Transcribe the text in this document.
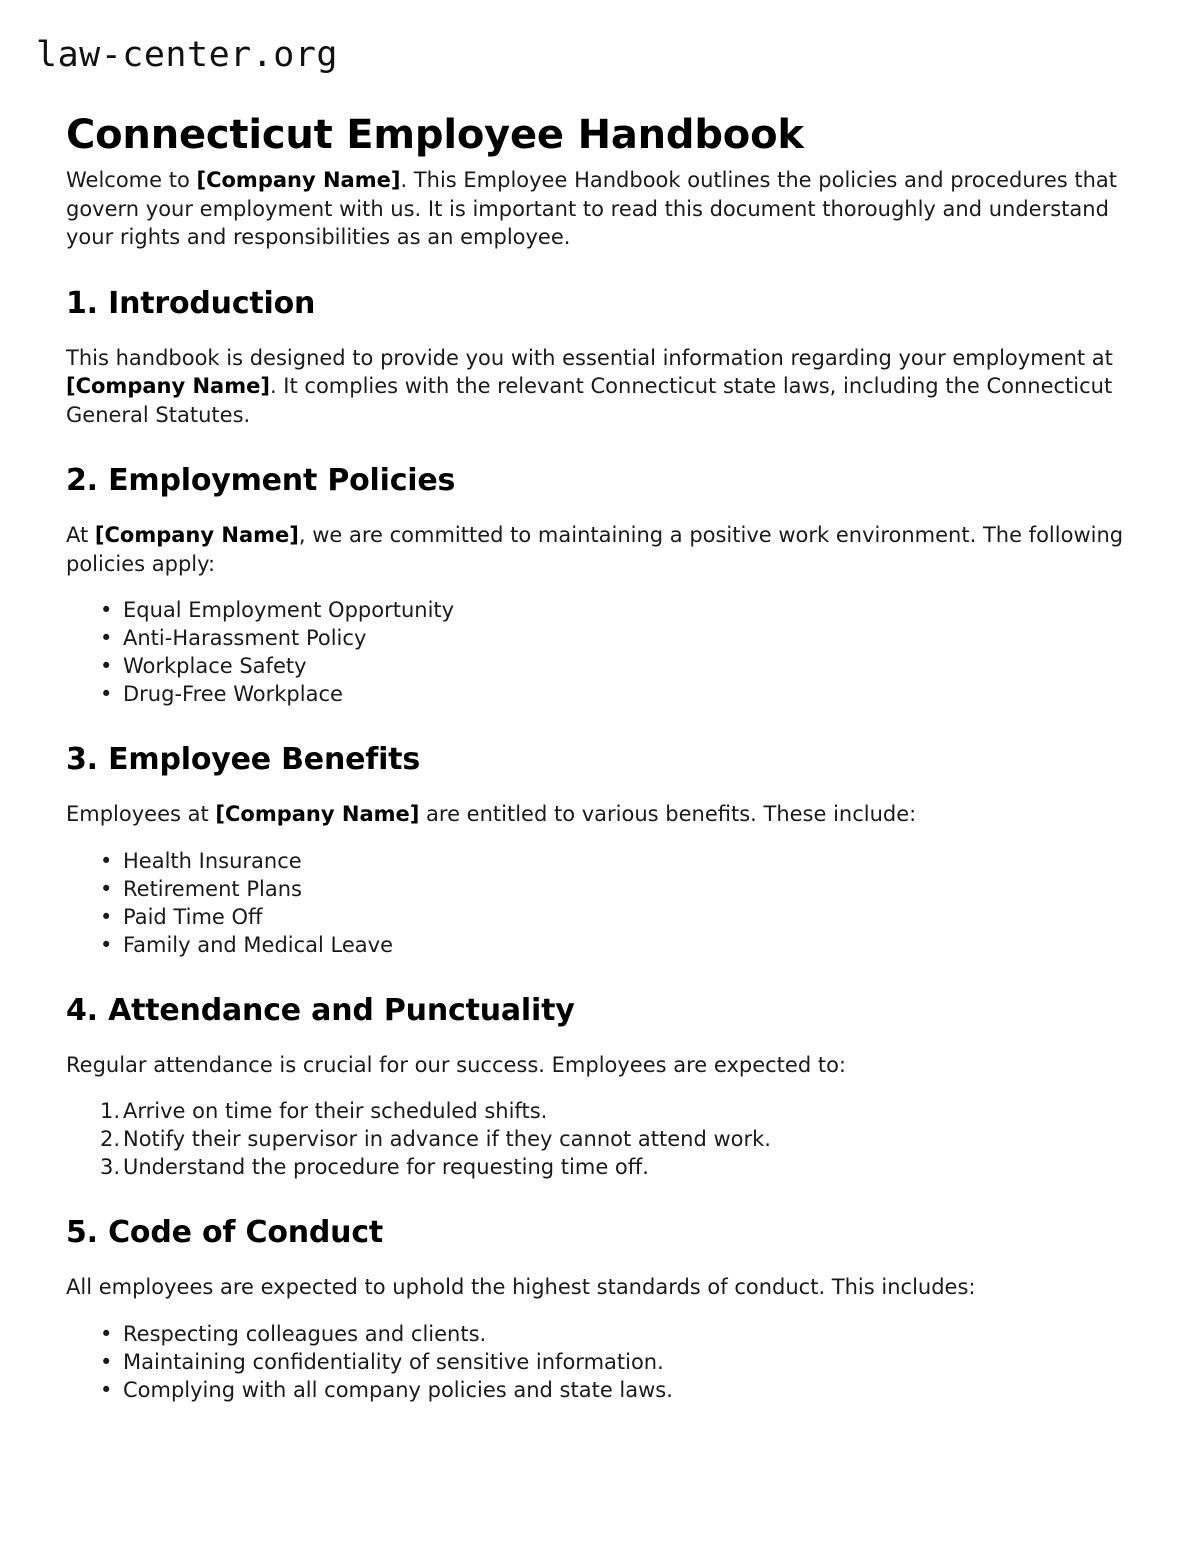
law-center.org
Connecticut Employee Handbook

Welcome to [Company Name]. This Employee Handbook outlines the policies and procedures that govern your employment with us. It is important to read this document thoroughly and understand your rights and responsibilities as an employee.

1. Introduction

This handbook is designed to provide you with essential information regarding your employment at [Company Name]. It complies with the relevant Connecticut state laws, including the Connecticut General Statutes.

2. Employment Policies

At [Company Name], we are committed to maintaining a positive work environment. The following policies apply:

• Equal Employment Opportunity
• Anti-Harassment Policy
• Workplace Safety
• Drug-Free Workplace
3. Employee Benefits

Employees at [Company Name] are entitled to various benefits. These include:

• Health Insurance
• Retirement Plans
• Paid Time Off
• Family and Medical Leave
4. Attendance and Punctuality

Regular attendance is crucial for our success. Employees are expected to:

1. Arrive on time for their scheduled shifts.
2. Notify their supervisor in advance if they cannot attend work.
3. Understand the procedure for requesting time off.
5. Code of Conduct

All employees are expected to uphold the highest standards of conduct. This includes:

• Respecting colleagues and clients.
• Maintaining confidentiality of sensitive information.
• Complying with all company policies and state laws.
